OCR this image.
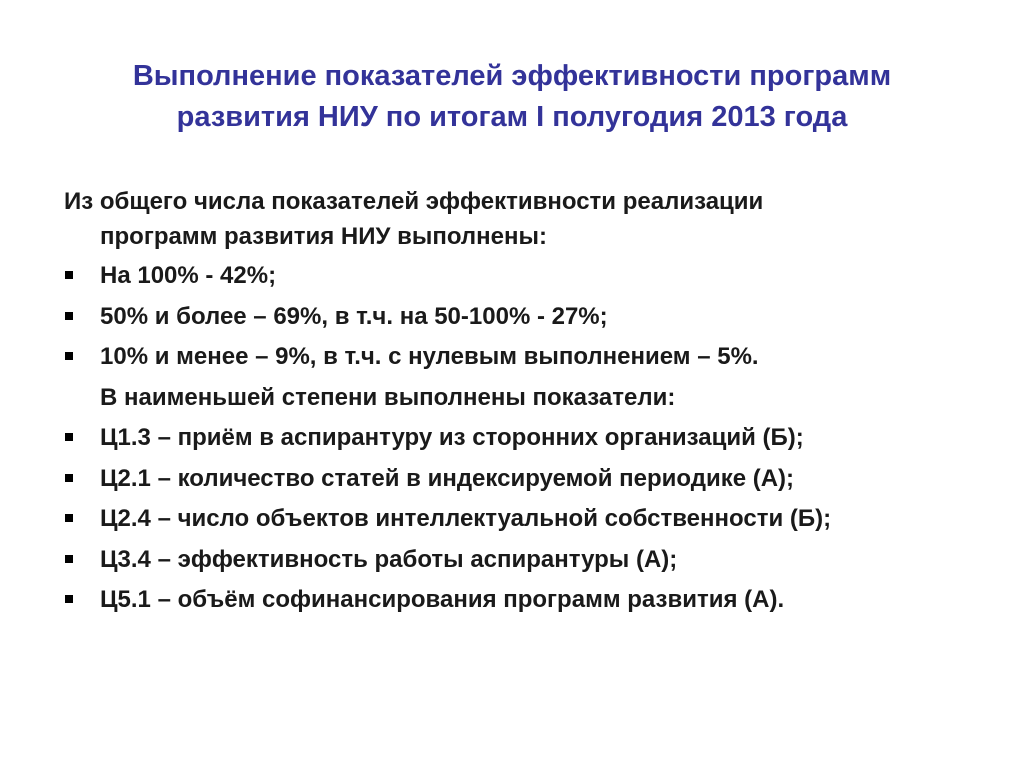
Выполнение показателей эффективности программ
развития НИУ по итогам I полугодия 2013 года
Из общего числа показателей эффективности реализации
программ развития НИУ выполнены:
На 100% - 42%;
50% и более – 69%, в т.ч. на 50-100% - 27%;
10% и менее – 9%, в т.ч. с нулевым выполнением – 5%.
В наименьшей степени выполнены показатели:
Ц1.3 – приём в аспирантуру из сторонних организаций (Б);
Ц2.1 – количество статей в индексируемой периодике (А);
Ц2.4 – число объектов интеллектуальной собственности (Б);
Ц3.4 – эффективность работы аспирантуры (А);
Ц5.1 – объём софинансирования программ развития (А).
